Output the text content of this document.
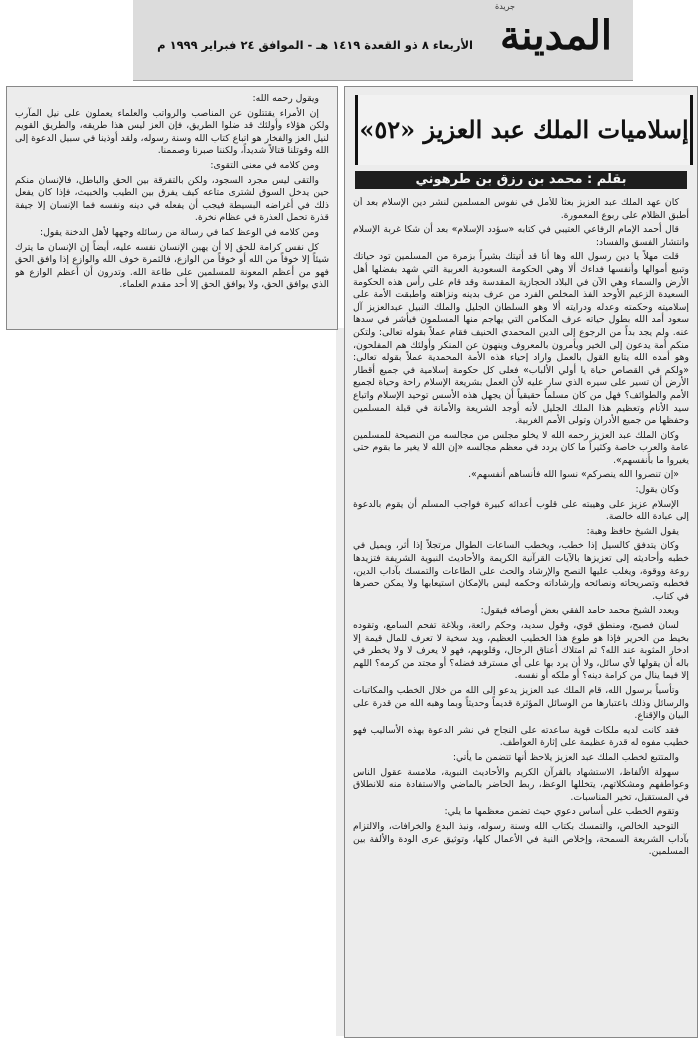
جريدة
المدينة
الأربعاء ٨ ذو القعدة ١٤١٩ هـ - الموافق ٢٤ فبراير ١٩٩٩ م
إسلاميات الملك عبد العزيز «٥٢»
بقلم : محمد بن رزق بن طرهوني

كان عهد الملك عبد العزيز بعثاً للأمل في نفوس المسلمين لنشر دين الإسلام بعد أن أطبق الظلام على ربوع المعمورة.

قال أحمد الإمام الرفاعي العتيبي في كتابه «سؤدد الإسلام» بعد أن شكا غربة الإسلام وانتشار الفسق والفساد:

قلت مهلاً يا دين رسول الله وها أنا قد أتيتك بشيراً بزمرة من المسلمين تود حياتك وتبيع أموالها وأنفسها فداءك ألا وهي الحكومة السعودية العربية التي شهد بفضلها أهل الأرض والسماء وهي الآن في البلاد الحجازية المقدسة وقد قام على رأس هذه الحكومة السعيدة الزعيم الأوحد الفذ المخلص الفرد من عرف بدينه ونزاهته واطبقت الأمة على إسلاميته وحكمته وعدله ودرايته ألا وهو السلطان الجليل والملك النبيل عبدالعزيز آل سعود أمد الله بطول حياته عرف المكامن التي يهاجم منها المسلمون فيأشر في سدها عنه. ولم يجد بداً من الرجوع إلى الدين المحمدي الحنيف فقام عملاً بقوله تعالى: ولتكن منكم أمة يدعون إلى الخير ويأمرون بالمعروف وينهون عن المنكر وأولئك هم المفلحون، وهو أمده الله يتابع القول بالعمل واراد إحياء هذه الأمة المحمدية عملاً بقوله تعالى: «ولكم في القصاص حياة يا أولي الألباب» فعلى كل حكومة إسلامية في جميع أقطار الأرض أن تسير على سيره الذي سار عليه لأن العمل بشريعة الإسلام راحة وحياة لجميع الأمم والطوائف؟ فهل من كان مسلماً حقيقياً أن يجهل هذه الأسس توحيد الإسلام واتباع سيد الأنام وتعظيم هذا الملك الجليل لأنه أوجد الشريعة والأمانة في قبلة المسلمين وحفظها من جميع الأدران وتولى الأمم الغربية.

وكان الملك عبد العزيز رحمه الله لا يخلو مجلس من مجالسه من النصيحة للمسلمين عامة والعرب خاصة وكثيراً ما كان يردد في معظم مجالسه «إن الله لا يغير ما بقوم حتى يغيروا ما بأنفسهم».

«إن تنصروا الله ينصركم» نسوا الله فأنساهم أنفسهم».

وكان يقول:

الإسلام عزيز على وهيبته على قلوب أعدائه كبيرة فواجب المسلم أن يقوم بالدعوة إلى عبادة الله خالصة.

يقول الشيخ حافظ وهبة:

وكان يتدفق كالسيل إذا خطب، ويخطب الساعات الطوال مرتجلاً إذا أثر، ويميل في خطبه وأحاديثه إلى تعزيزها بالآيات القرآنية الكريمة والأحاديث النبوية الشريفة فتزيدها روعة ووقوة، ويغلب عليها النصح والإرشاد والحث على الطاعات والتمسك بآداب الدين، فخطبه وتصريحاته ونصائحه وإرشاداته وحكمه ليس بالإمكان استيعابها ولا يمكن حصرها في كتاب.

ويعدد الشيخ محمد حامد الفقي بعض أوصافه فيقول:

لسان فصيح، ومنطق قوي، وقول سديد، وحكم رائعة، وبلاغة تفحم السامع، وتقوده بخيط من الحرير فإذا هو طوع هذا الخطيب العظيم، ويد سخية لا تعرف للمال قيمة إلا ادخار المثوبة عند الله؟ ثم امتلاك أعناق الرجال، وقلوبهم، فهو لا يعرف لا ولا يخطر في باله أن يقولها لأي سائل، ولا أن يرد بها على أي مسترفد فضله؟ أو مجتد من كرمه؟ اللهم إلا فيما ينال من كرامة دينه؟ أو ملكه أو نفسه.

وتأسياً برسول الله، قام الملك عبد العزيز يدعو إلى الله من خلال الخطب والمكاتبات والرسائل وذلك باعتبارها من الوسائل المؤثرة قديماً وحديثاً وبما وهبه الله من قدرة على البيان والإقناع.

فقد كانت لديه ملكات قوية ساعدته على النجاح في نشر الدعوة بهذه الأساليب فهو خطيب مفوه له قدرة عظيمة على إثارة العواطف.

والمتتبع لخطب الملك عبد العزيز يلاحظ أنها تتضمن ما يأتي:

سهولة الألفاظ، الاستشهاد بالقرآن الكريم والأحاديث النبوية، ملامسة عقول الناس وعواطفهم ومشكلاتهم، يتخللها الوعظ، ربط الحاضر بالماضي والاستفادة منه للانطلاق في المستقبل، تخير المناسبات.

وتقوم الخطب على أساس دعوي حيث تضمن معظمها ما يلي:

التوحيد الخالص، والتمسك بكتاب الله وسنة رسوله، ونبذ البدع والخرافات، والالتزام بآداب الشريعة السمحة، وإخلاص النية في الأعمال كلها، وتوثيق عرى الودة والألفة بين المسلمين.

ويقول رحمه الله:

إن الأمراء يقتتلون عن المناصب والرواتب والعلماء يعملون على نيل المآرب ولكن هؤلاء وأولئك قد ضلوا الطريق، فإن العز ليس هذا طريقه، والطريق القويم لنيل العز والفخار هو اتباع كتاب الله وسنة رسوله، ولقد أوذينا في سبيل الدعوة إلى الله وقوتلنا قتالاً شديداً، ولكننا صبرنا وصممنا.

ومن كلامه في معنى التقوى:

والتقى ليس مجرد السجود، ولكن بالتفرقة بين الحق والباطل، فالإنسان منكم حين يدخل السوق لشترى متاعه كيف يفرق بين الطيب والخبيث، فإذا كان يفعل ذلك في أغراضه البسيطة فيجب أن يفعله في دينه ونفسه فما الإنسان إلا جيفة قذرة تحمل العذرة في عظام نخرة.

ومن كلامه في الوعظ كما في رسالة من رسائله وجهها لأهل الدخنة يقول:

كل نفس كرامة للحق إلا أن يهين الإنسان نفسه عليه، أيضاً إن الإنسان ما يترك شيئاً إلا خوفاً من الله أو خوفاً من الوازع، فالثمرة خوف الله والوازع إذا وافق الحق فهو من أعظم المعونة للمسلمين على طاعة الله. وتدرون أن أعظم الوازع هو الذي يوافق الحق، ولا يوافق الحق إلا أحد مقدم العلماء.
